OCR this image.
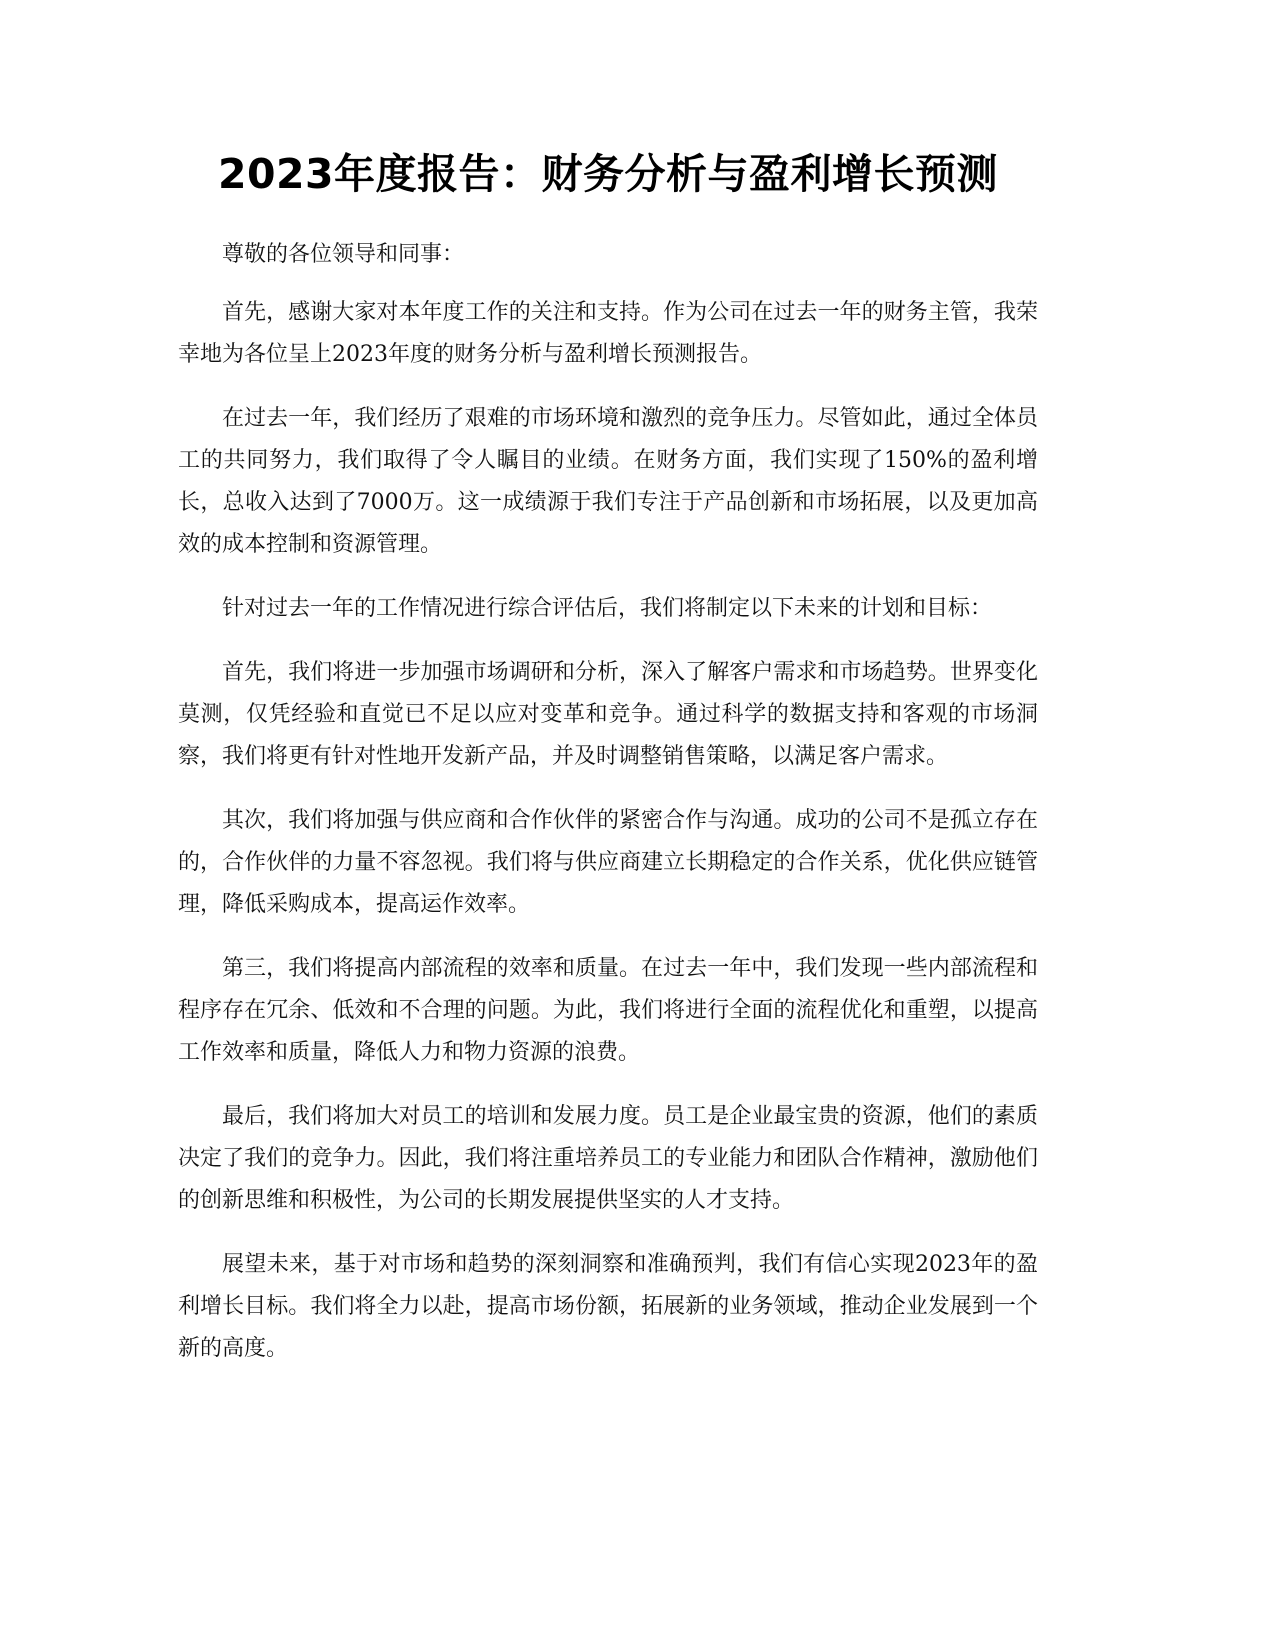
2023年度报告：财务分析与盈利增长预测

尊敬的各位领导和同事：

首先，感谢大家对本年度工作的关注和支持。作为公司在过去一年的财务主管，我荣幸地为各位呈上2023年度的财务分析与盈利增长预测报告。

在过去一年，我们经历了艰难的市场环境和激烈的竞争压力。尽管如此，通过全体员工的共同努力，我们取得了令人瞩目的业绩。在财务方面，我们实现了150%的盈利增长，总收入达到了7000万。这一成绩源于我们专注于产品创新和市场拓展，以及更加高效的成本控制和资源管理。

针对过去一年的工作情况进行综合评估后，我们将制定以下未来的计划和目标：

首先，我们将进一步加强市场调研和分析，深入了解客户需求和市场趋势。世界变化莫测，仅凭经验和直觉已不足以应对变革和竞争。通过科学的数据支持和客观的市场洞察，我们将更有针对性地开发新产品，并及时调整销售策略，以满足客户需求。

其次，我们将加强与供应商和合作伙伴的紧密合作与沟通。成功的公司不是孤立存在的，合作伙伴的力量不容忽视。我们将与供应商建立长期稳定的合作关系，优化供应链管理，降低采购成本，提高运作效率。

第三，我们将提高内部流程的效率和质量。在过去一年中，我们发现一些内部流程和程序存在冗余、低效和不合理的问题。为此，我们将进行全面的流程优化和重塑，以提高工作效率和质量，降低人力和物力资源的浪费。

最后，我们将加大对员工的培训和发展力度。员工是企业最宝贵的资源，他们的素质决定了我们的竞争力。因此，我们将注重培养员工的专业能力和团队合作精神，激励他们的创新思维和积极性，为公司的长期发展提供坚实的人才支持。

展望未来，基于对市场和趋势的深刻洞察和准确预判，我们有信心实现2023年的盈利增长目标。我们将全力以赴，提高市场份额，拓展新的业务领域，推动企业发展到一个新的高度。
